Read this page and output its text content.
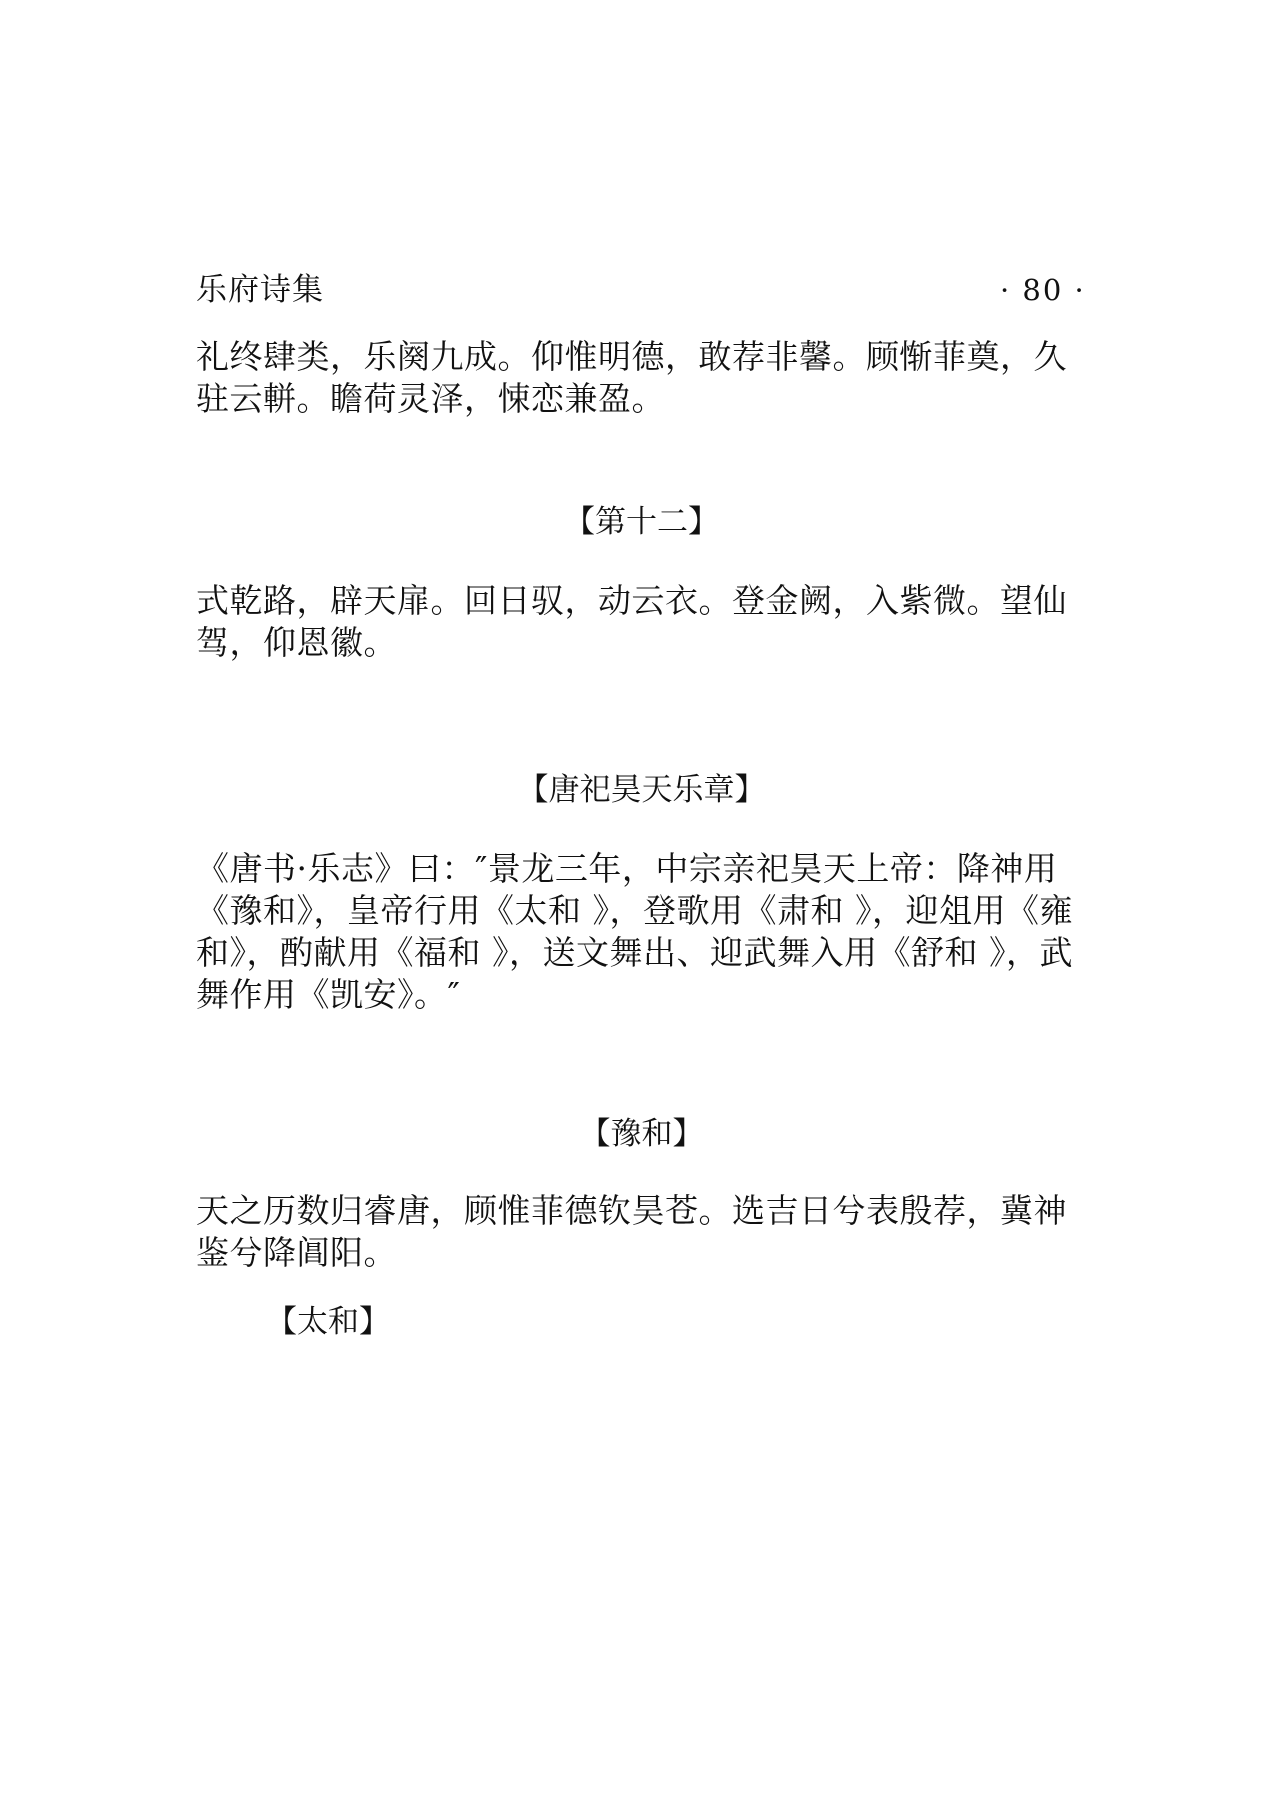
乐府诗集	· 80 ·

礼终肆类，乐阕九成。仰惟明德，敢荐非馨。顾惭菲奠，久驻云軿。瞻荷灵泽，悚恋兼盈。

【第十二】

式乾路，辟天扉。回日驭，动云衣。登金阙，入紫微。望仙驾，仰恩徽。

【唐祀昊天乐章】

《唐书·乐志》曰：″景龙三年，中宗亲祀昊天上帝：降神用《豫和》，皇帝行用《太和 》，登歌用《肃和 》，迎俎用《雍和》，酌献用《福和 》，送文舞出、迎武舞入用《舒和 》，武舞作用《凯安》。″

【豫和】

天之历数归睿唐，顾惟菲德钦昊苍。选吉日兮表殷荐，冀神鉴兮降阊阳。

【太和】
